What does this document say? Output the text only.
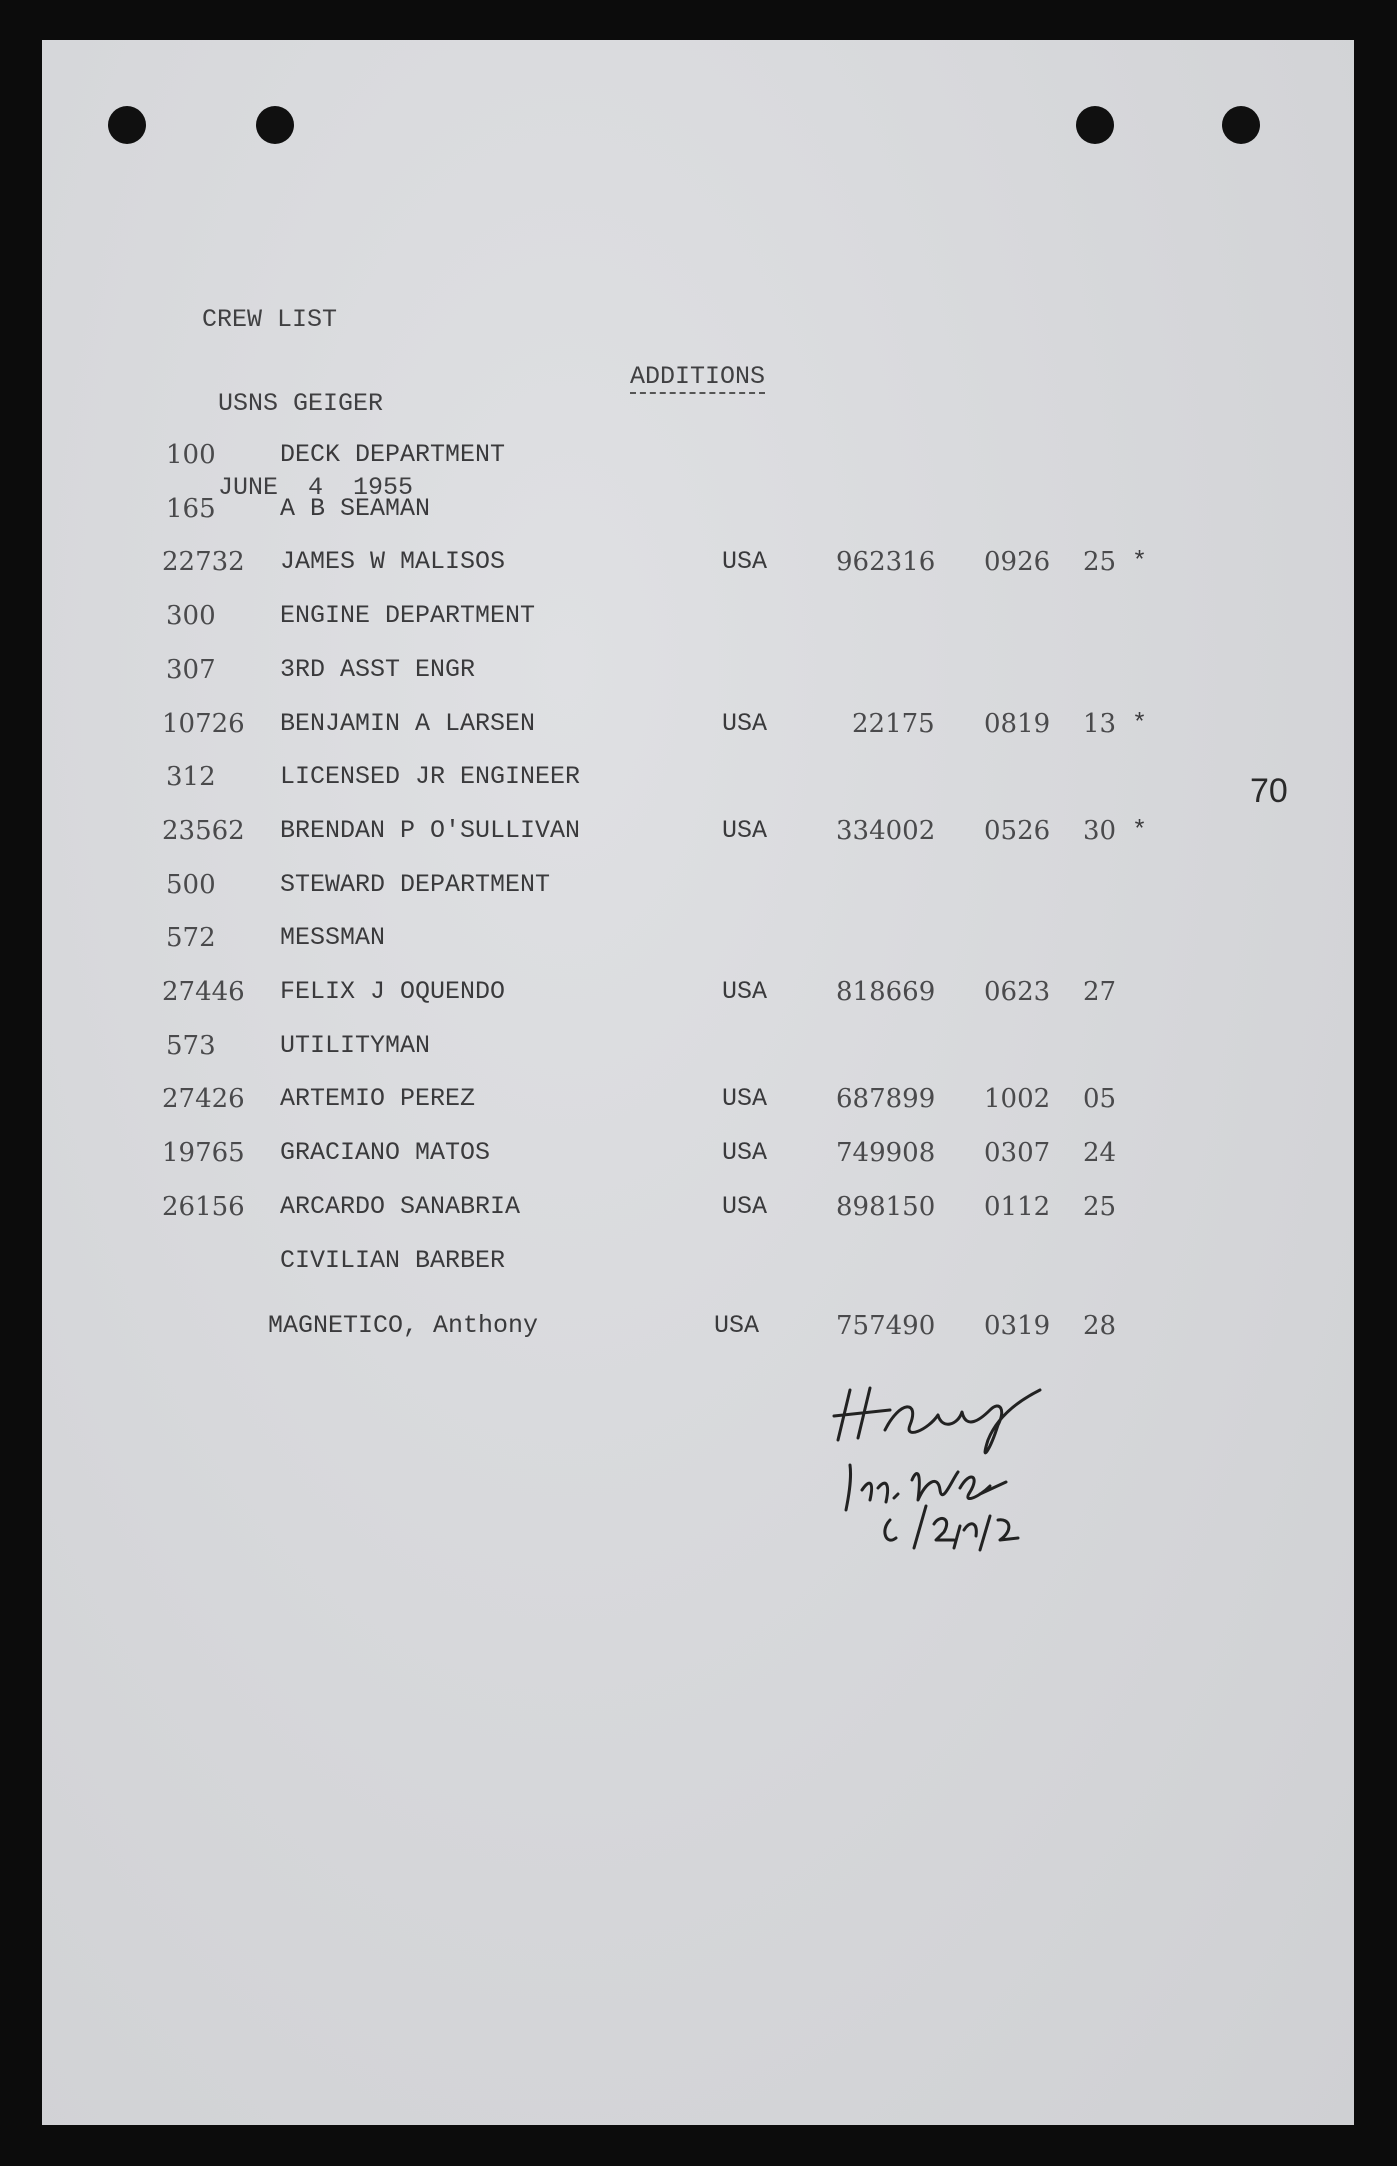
CREW LIST

USNS GEIGER

JUNE  4  1955

ADDITIONS
70
100	DECK DEPARTMENT
165	A B SEAMAN
22732 JAMES W MALISOS	USA	962316 0926 25 *
300	ENGINE DEPARTMENT
307	3RD ASST ENGR
10726 BENJAMIN A LARSEN	USA	22175 0819 13 *
312	LICENSED JR ENGINEER
23562 BRENDAN P O'SULLIVAN	USA	334002 0526 30 *
500	STEWARD DEPARTMENT
572	MESSMAN
27446 FELIX J OQUENDO	USA	818669 0623 27
573	UTILITYMAN
27426 ARTEMIO PEREZ	USA	687899 1002 05
19765 GRACIANO MATOS	USA	749908 0307 24
26156 ARCARDO SANABRIA	USA	898150 0112 25
CIVILIAN BARBER
MAGNETICO, Anthony	USA	757490 0319 28
